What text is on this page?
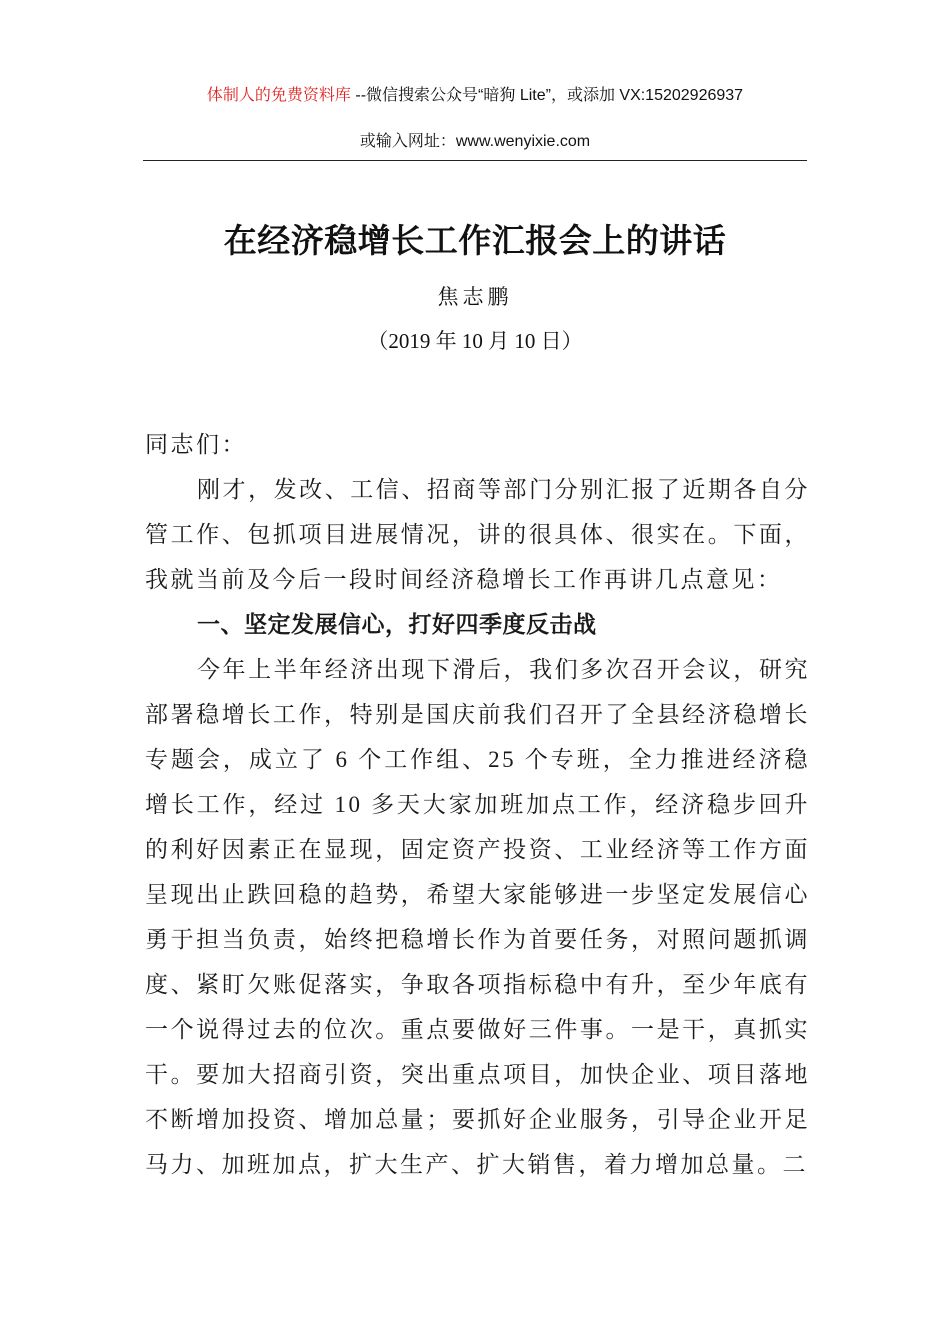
体制人的免费资料库 --微信搜索公众号“暗狗 Lite”，或添加 VX:15202926937
或输入网址：www.wenyixie.com
在经济稳增长工作汇报会上的讲话
焦志鹏
（2019 年 10 月 10 日）

同志们：

刚才，发改、工信、招商等部门分别汇报了近期各自分管工作、包抓项目进展情况，讲的很具体、很实在。下面，我就当前及今后一段时间经济稳增长工作再讲几点意见：

一、坚定发展信心，打好四季度反击战

今年上半年经济出现下滑后，我们多次召开会议，研究部署稳增长工作，特别是国庆前我们召开了全县经济稳增长专题会，成立了 6 个工作组、25 个专班，全力推进经济稳增长工作，经过 10 多天大家加班加点工作，经济稳步回升的利好因素正在显现，固定资产投资、工业经济等工作方面呈现出止跌回稳的趋势，希望大家能够进一步坚定发展信心勇于担当负责，始终把稳增长作为首要任务，对照问题抓调度、紧盯欠账促落实，争取各项指标稳中有升，至少年底有一个说得过去的位次。重点要做好三件事。一是干，真抓实干。要加大招商引资，突出重点项目，加快企业、项目落地不断增加投资、增加总量；要抓好企业服务，引导企业开足马力、加班加点，扩大生产、扩大销售，着力增加总量。二
